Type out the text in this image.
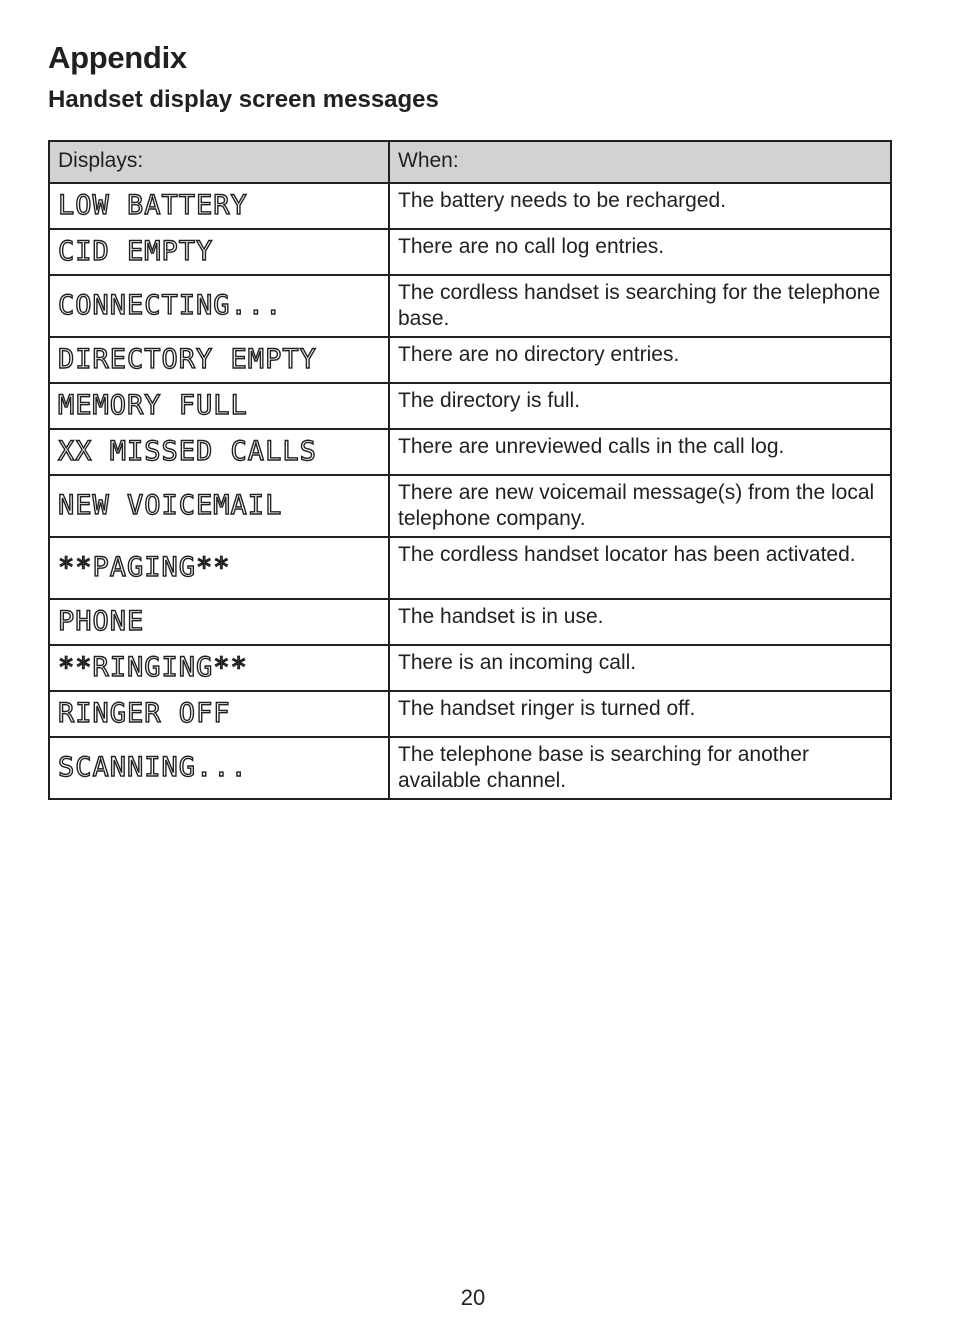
Appendix
Handset display screen messages
Displays:	When:
LOW BATTERY	The battery needs to be recharged.
CID EMPTY	There are no call log entries.
CONNECTING...	The cordless handset is searching for the telephone base.
DIRECTORY EMPTY	There are no directory entries.
MEMORY FULL	The directory is full.
XX MISSED CALLS	There are unreviewed calls in the call log.
NEW VOICEMAIL	There are new voicemail message(s) from the local telephone company.
**PAGING**	The cordless handset locator has been activated.
PHONE	The handset is in use.
**RINGING**	There is an incoming call.
RINGER OFF	The handset ringer is turned off.
SCANNING...	The telephone base is searching for another available channel.
20
